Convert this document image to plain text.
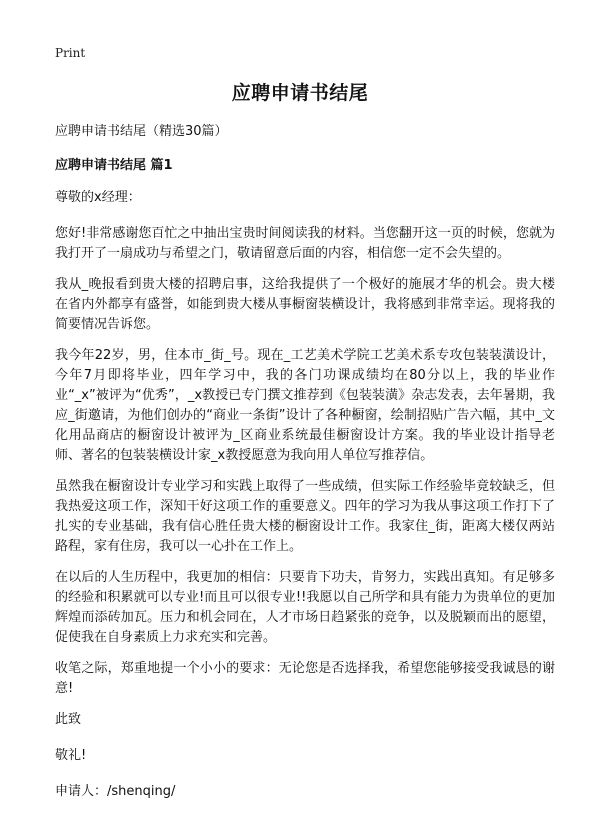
Print
应聘申请书结尾

应聘申请书结尾（精选30篇）

应聘申请书结尾 篇1

尊敬的x经理：

您好!非常感谢您百忙之中抽出宝贵时间阅读我的材料。当您翻开这一页的时候，您就为我打开了一扇成功与希望之门，敬请留意后面的内容，相信您一定不会失望的。

我从_晚报看到贵大楼的招聘启事，这给我提供了一个极好的施展才华的机会。贵大楼在省内外都享有盛誉，如能到贵大楼从事橱窗装横设计，我将感到非常幸运。现将我的简要情况告诉您。

我今年22岁，男，住本市_街_号。现在_工艺美术学院工艺美术系专攻包装装潢设计，今年7月即将毕业，四年学习中，我的各门功课成绩均在80分以上，我的毕业作业“_x”被评为“优秀”，_x教授已专门撰文推荐到《包装装潢》杂志发表，去年暑期，我应_街邀请，为他们创办的“商业一条街”设计了各种橱窗，绘制招贴广告六幅，其中_文化用品商店的橱窗设计被评为_区商业系统最佳橱窗设计方案。我的毕业设计指导老师、著名的包装装横设计家_x教授愿意为我向用人单位写推荐信。

虽然我在橱窗设计专业学习和实践上取得了一些成绩，但实际工作经验毕竟较缺乏，但我热爱这项工作，深知干好这项工作的重要意义。四年的学习为我从事这项工作打下了扎实的专业基础，我有信心胜任贵大楼的橱窗设计工作。我家住_街，距离大楼仅两站路程，家有住房，我可以一心扑在工作上。

在以后的人生历程中，我更加的相信：只要肯下功夫，肯努力，实践出真知。有足够多的经验和积累就可以专业!而且可以很专业!!我愿以自己所学和具有能力为贵单位的更加辉煌而添砖加瓦。压力和机会同在，人才市场日趋紧张的竞争，以及脱颖而出的愿望，促使我在自身素质上力求充实和完善。

收笔之际，郑重地提一个小小的要求：无论您是否选择我，希望您能够接受我诚恳的谢意!

此致

敬礼!

申请人：/shenqing/
